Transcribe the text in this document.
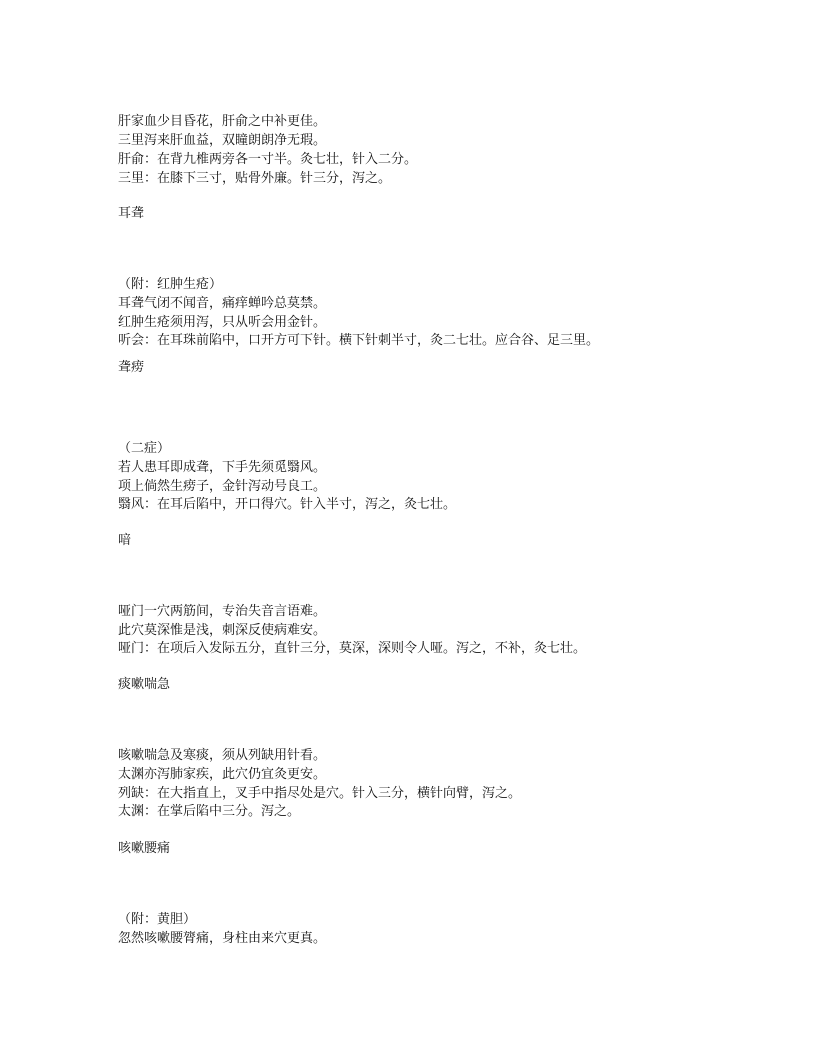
肝家血少目昏花，肝俞之中补更佳。
三里泻来肝血益，双瞳朗朗净无瑕。
肝俞：在背九椎两旁各一寸半。灸七壮，针入二分。
三里：在膝下三寸，贴骨外廉。针三分，泻之。
耳聋
（附：红肿生疮）
耳聋气闭不闻音，痛痒蝉吟总莫禁。
红肿生疮须用泻，只从听会用金针。
听会：在耳珠前陷中，口开方可下针。横下针刺半寸，灸二七壮。应合谷、足三里。
聋痨
（二症）
若人患耳即成聋，下手先须觅翳风。
项上倘然生痨子，金针泻动号良工。
翳风：在耳后陷中，开口得穴。针入半寸，泻之，灸七壮。
喑
哑门一穴两筋间，专治失音言语难。
此穴莫深惟是浅，刺深反使病难安。
哑门：在项后入发际五分，直针三分，莫深，深则令人哑。泻之，不补，灸七壮。
痰嗽喘急
咳嗽喘急及寒痰，须从列缺用针看。
太渊亦泻肺家疾，此穴仍宜灸更安。
列缺：在大指直上，叉手中指尽处是穴。针入三分，横针向臂，泻之。
太渊：在掌后陷中三分。泻之。
咳嗽腰痛
（附：黄胆）
忽然咳嗽腰膂痛，身柱由来穴更真。
